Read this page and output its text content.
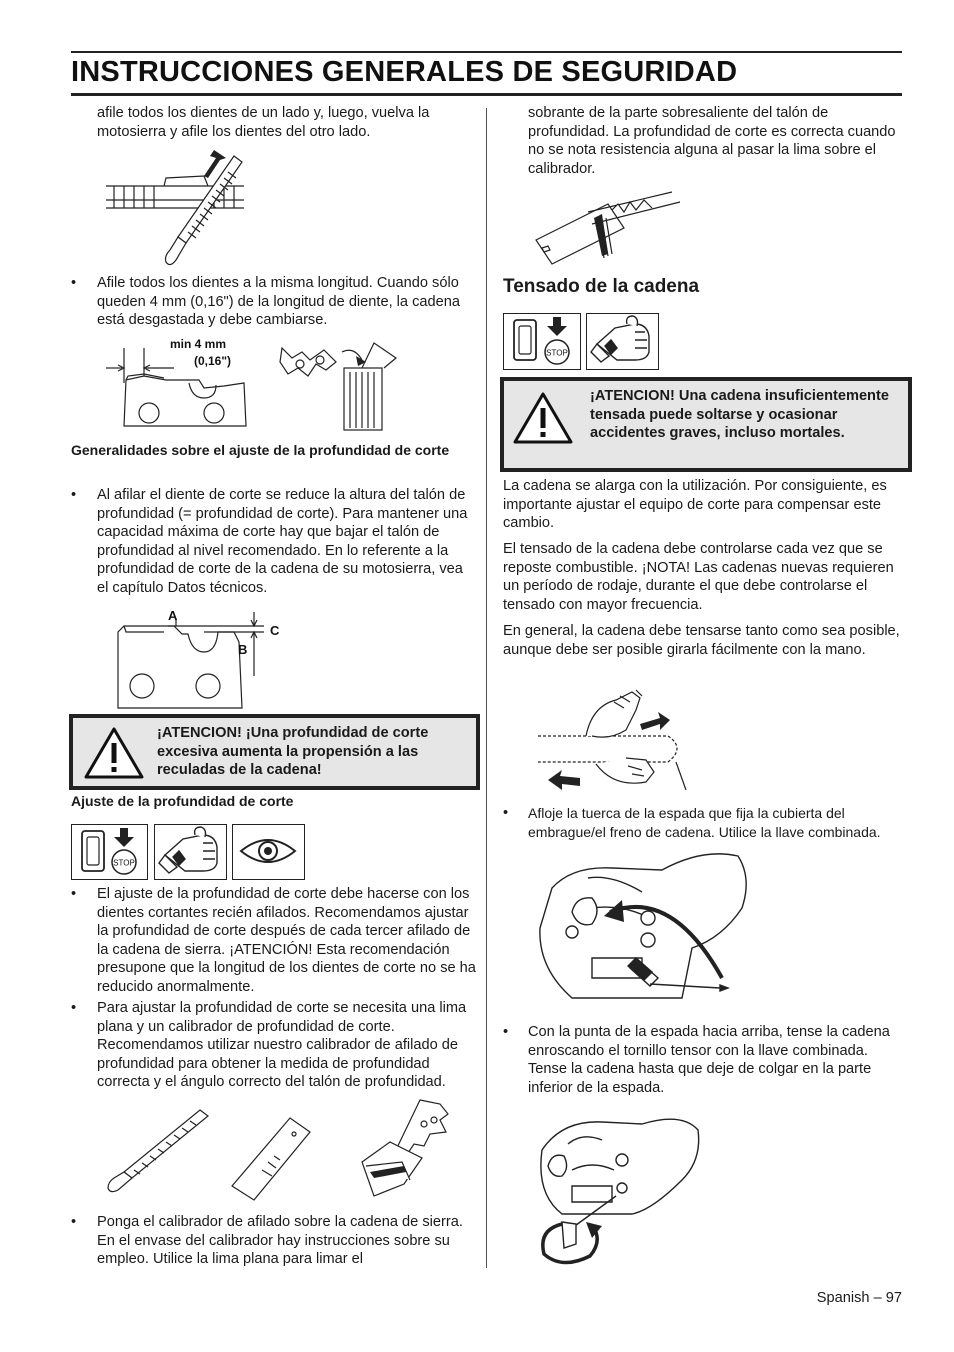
INSTRUCCIONES GENERALES DE SEGURIDAD
afile todos los dientes de un lado y, luego, vuelva la motosierra y afile los dientes del otro lado.
• Afile todos los dientes a la misma longitud. Cuando sólo queden 4 mm (0,16") de la longitud de diente, la cadena está desgastada y debe cambiarse.
min 4 mm
(0,16")
Generalidades sobre el ajuste de la profundidad de corte
• Al afilar el diente de corte se reduce la altura del talón de profundidad (= profundidad de corte). Para mantener una capacidad máxima de corte hay que bajar el talón de profundidad al nivel recomendado. En lo referente a la profundidad de corte de la cadena de su motosierra, vea el capítulo Datos técnicos.
A
B
C
¡ATENCION! ¡Una profundidad de corte excesiva aumenta la propensión a las reculadas de la cadena!
Ajuste de la profundidad de corte
STOP
• El ajuste de la profundidad de corte debe hacerse con los dientes cortantes recién afilados. Recomendamos ajustar la profundidad de corte después de cada tercer afilado de la cadena de sierra. ¡ATENCIÓN! Esta recomendación presupone que la longitud de los dientes de corte no se ha reducido anormalmente.
• Para ajustar la profundidad de corte se necesita una lima plana y un calibrador de profundidad de corte. Recomendamos utilizar nuestro calibrador de afilado de profundidad para obtener la medida de profundidad correcta y el ángulo correcto del talón de profundidad.
• Ponga el calibrador de afilado sobre la cadena de sierra. En el envase del calibrador hay instrucciones sobre su empleo. Utilice la lima plana para limar el
sobrante de la parte sobresaliente del talón de profundidad. La profundidad de corte es correcta cuando no se nota resistencia alguna al pasar la lima sobre el calibrador.
Tensado de la cadena
STOP
¡ATENCION! Una cadena insuficientemente tensada puede soltarse y ocasionar accidentes graves, incluso mortales.
La cadena se alarga con la utilización. Por consiguiente, es importante ajustar el equipo de corte para compensar este cambio.
El tensado de la cadena debe controlarse cada vez que se reposte combustible. ¡NOTA! Las cadenas nuevas requieren un período de rodaje, durante el que debe controlarse el tensado con mayor frecuencia.
En general, la cadena debe tensarse tanto como sea posible, aunque debe ser posible girarla fácilmente con la mano.
• Afloje la tuerca de la espada que fija la cubierta del embrague/el freno de cadena. Utilice la llave combinada.
• Con la punta de la espada hacia arriba, tense la cadena enroscando el tornillo tensor con la llave combinada. Tense la cadena hasta que deje de colgar en la parte inferior de la espada.
Spanish – 97
